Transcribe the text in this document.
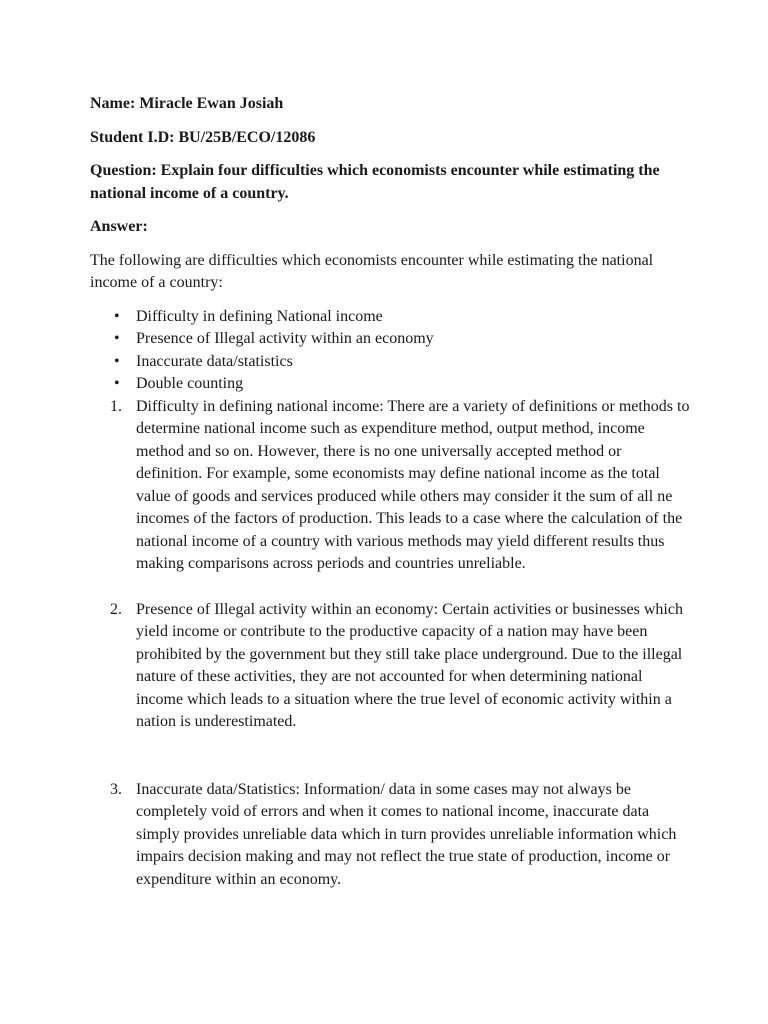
Name: Miracle Ewan Josiah

Student I.D: BU/25B/ECO/12086

Question: Explain four difficulties which economists encounter while estimating the national income of a country.

Answer:

The following are difficulties which economists encounter while estimating the national income of a country:

• Difficulty in defining National income
• Presence of Illegal activity within an economy
• Inaccurate data/statistics
• Double counting
1. Difficulty in defining national income: There are a variety of definitions or methods to determine national income such as expenditure method, output method, income method and so on. However, there is no one universally accepted method or definition. For example, some economists may define national income as the total value of goods and services produced while others may consider it the sum of all ne incomes of the factors of production. This leads to a case where the calculation of the national income of a country with various methods may yield different results thus making comparisons across periods and countries unreliable.
2. Presence of Illegal activity within an economy: Certain activities or businesses which yield income or contribute to the productive capacity of a nation may have been prohibited by the government but they still take place underground. Due to the illegal nature of these activities, they are not accounted for when determining national income which leads to a situation where the true level of economic activity within a nation is underestimated.
3. Inaccurate data/Statistics: Information/ data in some cases may not always be completely void of errors and when it comes to national income, inaccurate data simply provides unreliable data which in turn provides unreliable information which impairs decision making and may not reflect the true state of production, income or expenditure within an economy.
